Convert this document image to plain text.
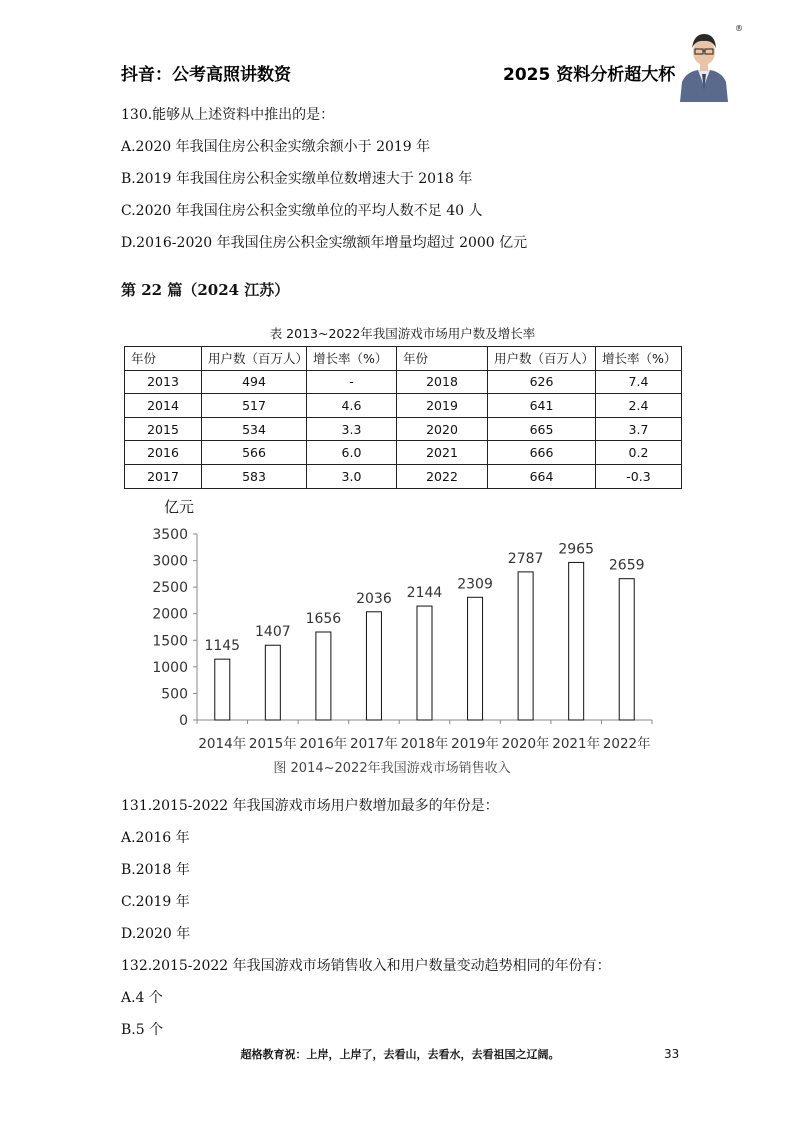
抖音：公考高照讲数资	2025 资料分析超大杯
®
130.能够从上述资料中推出的是：
A.2020 年我国住房公积金实缴余额小于 2019 年
B.2019 年我国住房公积金实缴单位数增速大于 2018 年
C.2020 年我国住房公积金实缴单位的平均人数不足 40 人
D.2016-2020 年我国住房公积金实缴额年增量均超过 2000 亿元
第 22 篇（2024 江苏）
表 2013~2022年我国游戏市场用户数及增长率
年份	用户数（百万人）	增长率（%）	年份	用户数（百万人）	增长率（%）
2013	494	-	2018	626	7.4
2014	517	4.6	2019	641	2.4
2015	534	3.3	2020	665	3.7
2016	566	6.0	2021	666	0.2
2017	583	3.0	2022	664	-0.3
亿元
图 2014~2022年我国游戏市场销售收入
0
500
1000
1500
2000
2500
3000
3500
1145
2014年
1407
2015年
1656
2016年
2036
2017年
2144
2018年
2309
2019年
2787
2020年
2965
2021年
2659
2022年
131.2015-2022 年我国游戏市场用户数增加最多的年份是：
A.2016 年
B.2018 年
C.2019 年
D.2020 年
132.2015-2022 年我国游戏市场销售收入和用户数量变动趋势相同的年份有：
A.4 个
B.5 个
超格教育祝：上岸，上岸了，去看山，去看水，去看祖国之辽阔。	33
